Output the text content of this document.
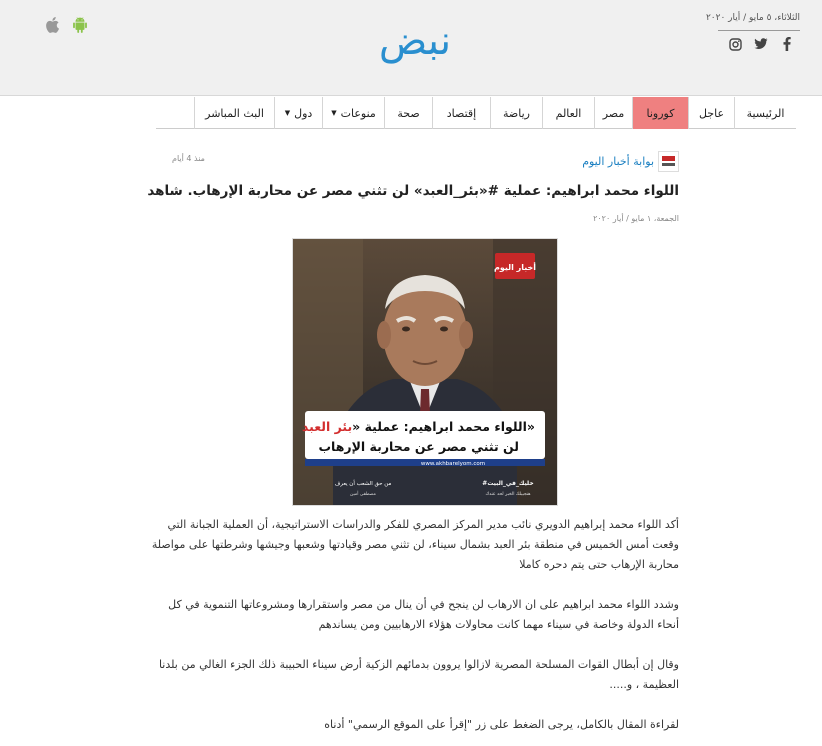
الثلاثاء، ٥ مايو / أيار ٢٠٢٠
نبض
الرئيسية
عاجل
كورونا
مصر
العالم
رياضة
إقتصاد
صحة
منوعات
▼
دول
▼
البث المباشر
بوابة أخبار اليوم
منذ 4 أيام
اللواء محمد ابراهيم: عملية #«بئر_العبد» لن تثني مصر عن محاربة الإرهاب. شاهد
الجمعة، ١ مايو / أيار ٢٠٢٠
أخبار اليوم
اللواء محمد ابراهيم: عملية «بئر العبد	»
لن تثني مصر عن محاربة الإرهاب
www.akhbarelyom.com
#خليك_في_البيت
هنجيبلك الخبر لحد عندك
من حق الشعب أن يعرف
مصطفى أمين

أكد اللواء محمد إبراهيم الدويري نائب مدير المركز المصري للفكر والدراسات الاستراتيجية، أن العملية الجبانة التي وقعت أمس الخميس في منطقة بئر العبد بشمال سيناء، لن تثني مصر وقيادتها وشعبها وجيشها وشرطتها على مواصلة محاربة الإرهاب حتى يتم دحره كاملا

وشدد اللواء محمد ابراهيم على ان الارهاب لن ينجح في أن ينال من مصر واستقرارها ومشروعاتها التنموية في كل أنحاء الدولة وخاصة في سيناء مهما كانت محاولات هؤلاء الارهابيين ومن يساندهم

وقال إن أبطال القوات المسلحة المصرية لازالوا يروون بدمائهم الزكية أرض سيناء الحبيبة ذلك الجزء الغالي من بلدنا العظيمة ، و.....

لقراءة المقال بالكامل، يرجى الضغط على زر "إقرأ على الموقع الرسمي" أدناه
